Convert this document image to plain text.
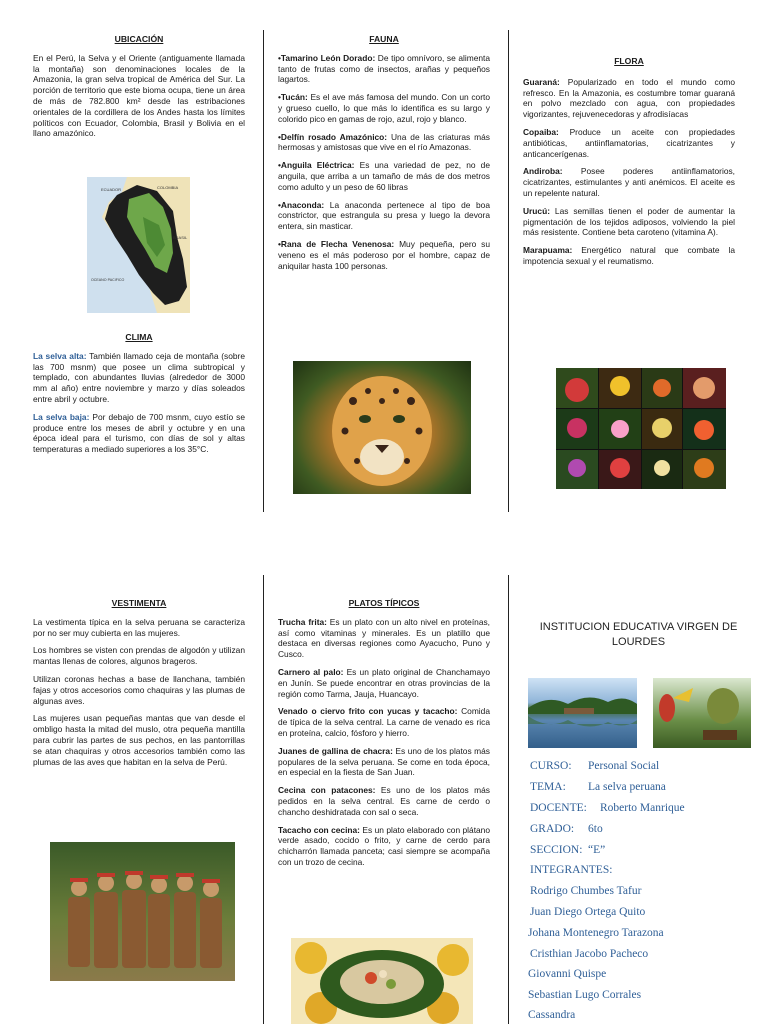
UBICACIÓN

En el Perú, la Selva y el Oriente (antiguamente llamada la montaña) son denominaciones locales de la Amazonia, la gran selva tropical de América del Sur. La porción de territorio que este bioma ocupa, tiene un área de más de 782.800 km² desde las estribaciones orientales de la cordillera de los Andes hasta los límites políticos con Ecuador, Colombia, Brasil y Bolivia en el llano amazónico.

COLOMBIA
ECUADOR
BRASIL
OCEANO PACIFICO
CLIMA

La selva alta: También llamado ceja de montaña (sobre las 700 msnm) que posee un clima subtropical y templado, con abundantes lluvias (alrededor de 3000 mm al año) entre noviembre y marzo y días soleados entre abril y octubre.

La selva baja: Por debajo de 700 msnm, cuyo estío se produce entre los meses de abril y octubre y en una época ideal para el turismo, con días de sol y altas temperaturas a mediado superiores a los 35°C.

FAUNA

•Tamarino León Dorado: De tipo omnívoro, se alimenta tanto de frutas como de insectos, arañas y pequeños lagartos.

•Tucán: Es el ave más famosa del mundo. Con un corto y grueso cuello, lo que más lo identifica es su largo y colorido pico en gamas de rojo, azul, rojo y blanco.

•Delfín rosado Amazónico: Una de las criaturas más hermosas y amistosas que vive en el río Amazonas.

•Anguila Eléctrica: Es una variedad de pez, no de anguila, que arriba a un tamaño de más de dos metros como adulto y un peso de 60 libras

•Anaconda: La anaconda pertenece al tipo de boa constrictor, que estrangula su presa y luego la devora entera, sin masticar.

•Rana de Flecha Venenosa: Muy pequeña, pero su veneno es el más poderoso por el hombre, capaz de aniquilar hasta 100 personas.

FLORA

Guaraná: Popularizado en todo el mundo como refresco. En la Amazonia, es costumbre tomar guaraná en polvo mezclado con agua, con propiedades vigorizantes, rejuvenecedoras y afrodisíacas

Copaiba: Produce un aceite con propiedades antibióticas, antiinflamatorias, cicatrizantes y anticancerígenas.

Andiroba: Posee poderes antiinflamatorios, cicatrizantes, estimulantes y anti anémicos. El aceite es un repelente natural.

Urucú: Las semillas tienen el poder de aumentar la pigmentación de los tejidos adiposos, volviendo la piel más resistente. Contiene beta caroteno (vitamina A).

Marapuama: Energético natural que combate la impotencia sexual y el reumatismo.

VESTIMENTA

La vestimenta típica en la selva peruana se caracteriza por no ser muy cubierta en las mujeres.

Los hombres se visten con prendas de algodón y utilizan mantas llenas de colores, algunos brageros.

Utilizan coronas hechas a base de llanchana, también fajas y otros accesorios como chaquiras y las plumas de algunas aves.

Las mujeres usan pequeñas mantas que van desde el ombligo hasta la mitad del muslo, otra pequeña mantilla para cubrir las partes de sus pechos, en las pantorrillas se atan chaquiras y otros accesorios también como las plumas de las aves que habitan en la selva de Perú.

PLATOS TÍPICOS

Trucha frita: Es un plato con un alto nivel en proteínas, así como vitaminas y minerales. Es un platillo que destaca en diversas regiones como Ayacucho, Puno y Cusco.

Carnero al palo: Es un plato original de Chanchamayo en Junín. Se puede encontrar en otras provincias de la región como Tarma, Jauja, Huancayo.

Venado o ciervo frito con yucas y tacacho: Comida de típica de la selva central. La carne de venado es rica en proteína, calcio, fósforo y hierro.

Juanes de gallina de chacra: Es uno de los platos más populares de la selva peruana. Se come en toda época, en especial en la fiesta de San Juan.

Cecina con patacones: Es uno de los platos más pedidos en la selva central. Es carne de cerdo o chancho deshidratada con sal o seca.

Tacacho con cecina: Es un plato elaborado con plátano verde asado, cocido o frito, y carne de cerdo para chicharrón llamada panceta; casi siempre se acompaña con un trozo de cecina.

INSTITUCION EDUCATIVA VIRGEN DE LOURDES
CURSO: Personal Social
TEMA: La selva peruana
DOCENTE: Roberto Manrique
GRADO: 6to
SECCION: “E”
INTEGRANTES:
Rodrigo Chumbes Tafur
Juan Diego Ortega Quito
Johana Montenegro Tarazona
Cristhian Jacobo Pacheco
Giovanni Quispe
Sebastian Lugo Corrales
Cassandra
